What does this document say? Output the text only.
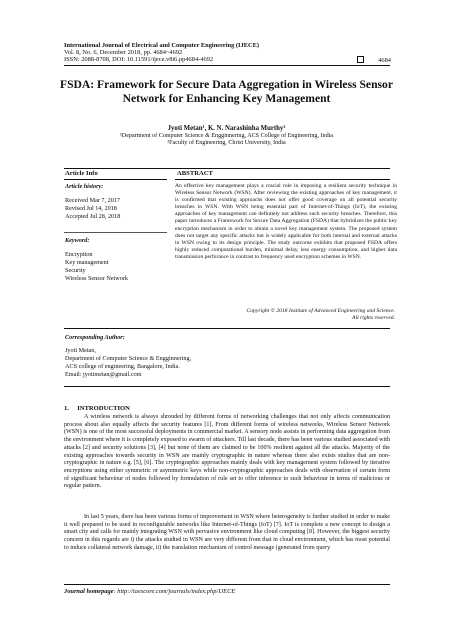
International Journal of Electrical and Computer Engineering (IJECE)
Vol. 8, No. 6, December 2018, pp. 4684~4692
ISSN: 2088-8708, DOI: 10.11591/ijece.v8i6.pp4684-4692	4684
FSDA: Framework for Secure Data Aggregation in Wireless Sensor Network for Enhancing Key Management
Jyoti Metan¹, K. N. Narashinha Murthy²
¹Department of Computer Science & Engginnering, ACS College of Engineering, India
²Faculty of Engineering, Christ University, India
Article Info	ABSTRACT
Article history:
Received Mar 7, 2017
Revised Jul 14, 2018
Accepted Jul 28, 2018
Keyword:
Encryption
Key management
Security
Wireless Sensor Network
An effective key management plays a cracial role in imposing a resilient security technique in Wireless Sensor Network (WSN). After reviewing the existing approaches of key management, it is confirmed that existing approachs does not offer good coverage on all potential security breaches in WSN. With WSN being essential part of Internet-of-Things (IoT), the existing approaches of key management can definitely not address such security breaches. Therefore, this paper introduces a Framework for Secure Data Aggregation (FSDA) that hybridizes the public key encryption mechanism in order to obtain a novel key management system. The proposed system does not target any specific attacks but is widely applicable for both internal and external attacks in WSN owing to its design principle. The study outcome exhibits that proposed FSDA offers highly reduced computational burden, minimal delay, less energy consumption, and higher data transmission perforance in contrast to frequency used encryption schemes in WSN.
Copyright © 2018 Institute of Advanced Engineering and Science.
All rights reserved.
Corresponding Author:
Jyoti Metan,
Department of Computer Science & Engginnering,
ACS college of engineering, Bangalore, India.
Email: jyotimetan@gmail.com
1.     INTRODUCTION
A wireless network is always shrouded by different forms of networking challenges that not only affects communication process about also equally affects the security features [1]. From different forms of wireless networks, Wireless Sensor Network (WSN) is one of the most successful deployments in commercial market. A sensory node assists in performing data aggregation from the environment where it is completely exposed to swarm of attackers. Till last decade, there has been various studied associated with attacks [2] and security solutions [3], [4] but none of them are claimed to be 100% resilient against all the attacks. Majority of the existing approaches towards security in WSN are mainly cryptographic in nature whereas there also exists studies that are non-cryptographic in nature e.g. [5], [6]. The cryptographic approaches mainly deals with key management system followed by iterative encryptions using either symmetric or asymmetric keys while non-cryptographic approaches deals with observation of certain form of significant behaviour of nodes followed by formulation of rule set to offer inference to such behaviour in terms of malicious or regular pattern.
In last 5 years, there has been various forms of improvement in WSN where heterogeneity is further studied in order to make it well prepared to be used in reconfigurable networks like Internet-of-Things (IoT) [7]. IoT is complete a new concept to design a smart city and calls for mainly integrating WSN with pervasive environment like cloud computing [8]. However, the biggest security concern in this regards are i) the attacks studied in WSN are very different from that in cloud environment, which has most potential to induce collateral network damage, ii) the translation mechanism of control message (generated from query
Journal homepage: http://iaescore.com/journals/index.php/IJECE
